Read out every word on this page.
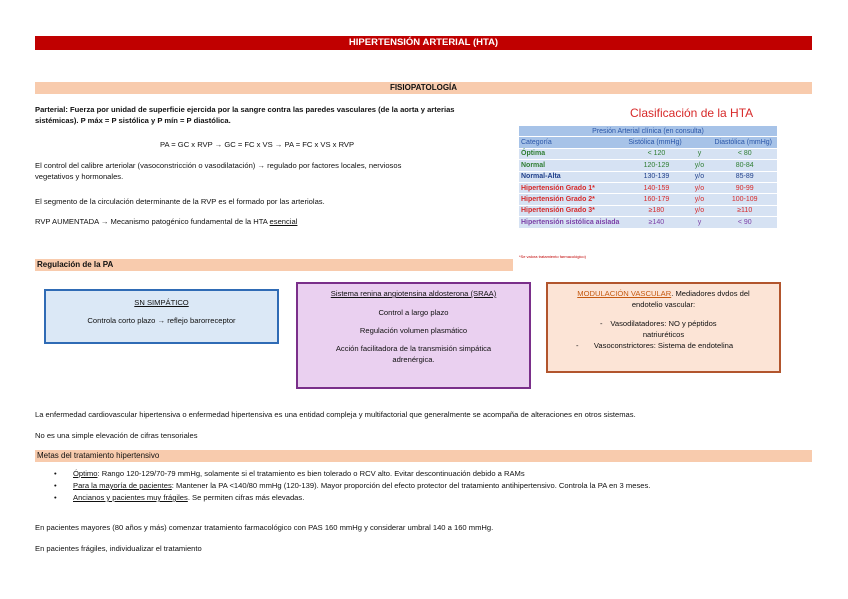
HIPERTENSIÓN ARTERIAL (HTA)
FISIOPATOLOGÍA
Parterial: Fuerza por unidad de superficie ejercida por la sangre contra las paredes vasculares (de la aorta y arterias
sistémicas). P máx = P sistólica y P mín = P diastólica.
PA = GC x RVP → GC = FC x VS → PA = FC x VS x RVP
El control del calibre arteriolar (vasoconstricción o vasodilatación) → regulado por factores locales, nerviosos
vegetativos y hormonales.
El segmento de la circulación determinante de la RVP es el formado por las arteriolas.
RVP AUMENTADA → Mecanismo patogénico fundamental de la HTA esencial
Clasificación de la HTA
Presión Arterial clínica (en consulta)			
Categoría	Sistólica (mmHg)		Diastólica (mmHg)
Óptima	< 120	y	< 80
Normal	120-129	y/o	80-84
Normal-Alta	130-139	y/o	85-89
Hipertensión Grado 1*	140-159	y/o	90-99
Hipertensión Grado 2*	160-179	y/o	100-109
Hipertensión Grado 3*	≥180	y/o	≥110
Hipertensión sistólica aislada	≥140	y	< 90
*Se valora tratamiento farmacológico)
Regulación de la PA
SN SIMPÁTICO
Controla corto plazo → reflejo barorreceptor
Sistema renina angiotensina aldosterona (SRAA)
Control a largo plazo
Regulación volumen plasmático
Acción facilitadora de la transmisión simpática
adrenérgica.
MODULACIÓN VASCULAR. Mediadores dvdos del
endotelio vascular:
-	Vasodilatadores: NO y péptidos
natriuréticos
-	Vasoconstrictores: Sistema de endotelina
La enfermedad cardiovascular hipertensiva o enfermedad hipertensiva es una entidad compleja y multifactorial que generalmente se acompaña de alteraciones en otros sistemas.
No es una simple elevación de cifras tensoriales
Metas del tratamiento hipertensivo
• Óptimo: Rango 120-129/70-79 mmHg, solamente si el tratamiento es bien tolerado o RCV alto. Evitar descontinuación debido a RAMs
• Para la mayoría de pacientes: Mantener la PA <140/80 mmHg (120-139). Mayor proporción del efecto protector del tratamiento antihipertensivo. Controla la PA en 3 meses.
• Ancianos y pacientes muy frágiles. Se permiten cifras más elevadas.
En pacientes mayores (80 años y más) comenzar tratamiento farmacológico con PAS 160 mmHg y considerar umbral 140 a 160 mmHg.
En pacientes frágiles, individualizar el tratamiento
